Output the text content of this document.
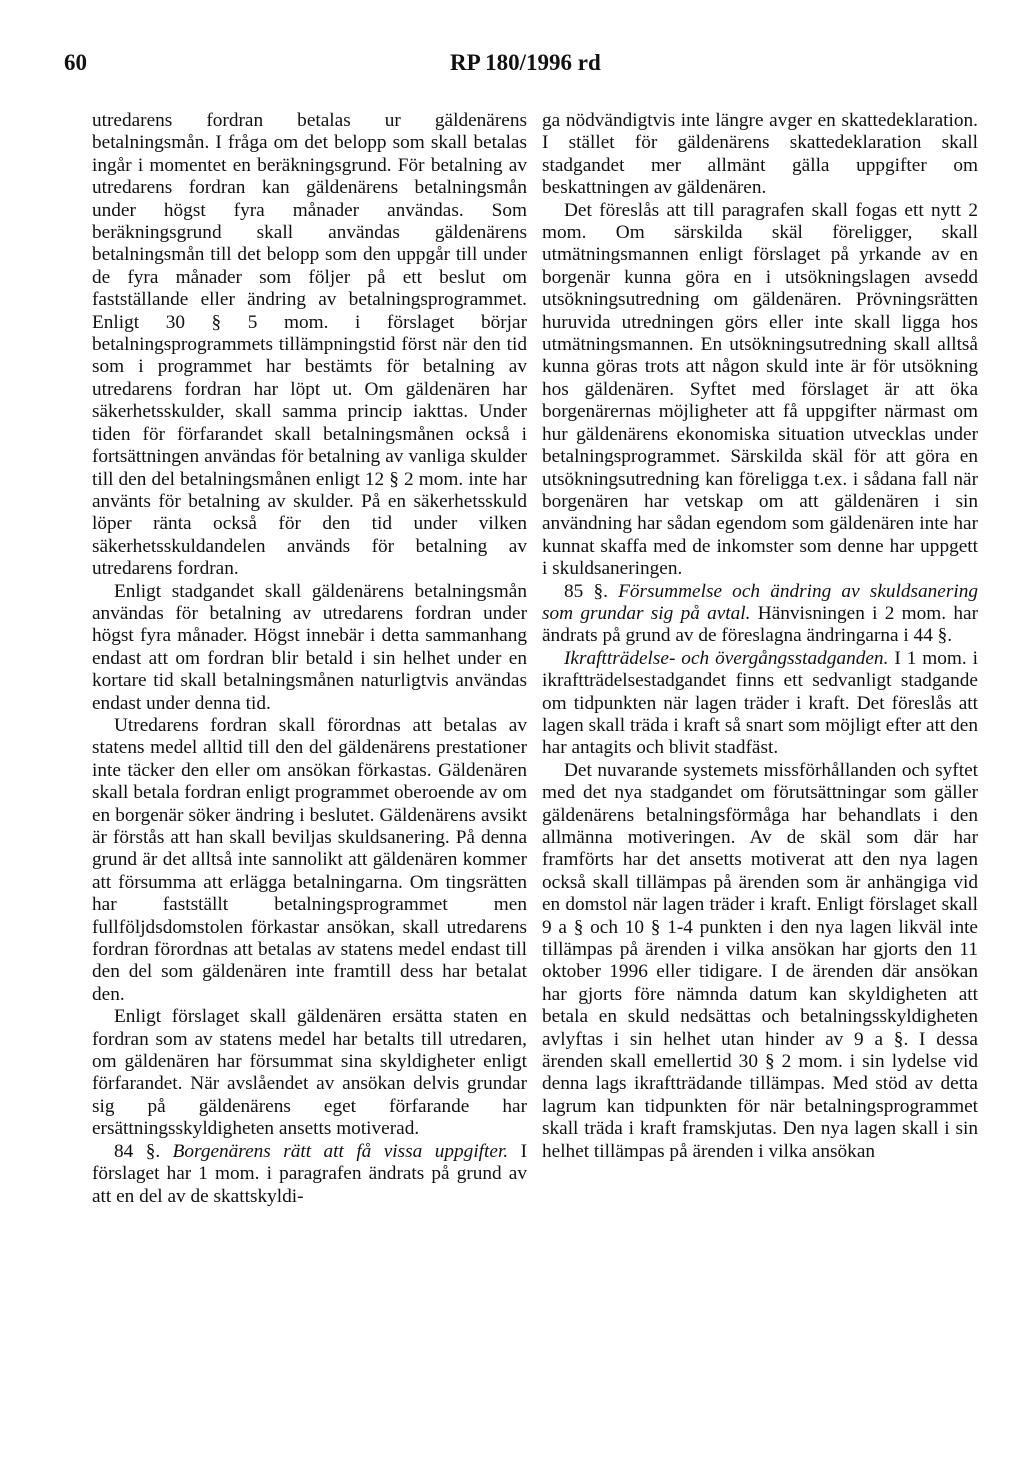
60	RP 180/1996 rd

utredarens fordran betalas ur gäldenärens betalningsmån. I fråga om det belopp som skall betalas ingår i momentet en beräkningsgrund. För betalning av utredarens fordran kan gäldenärens betalningsmån under högst fyra månader användas. Som beräkningsgrund skall användas gäldenärens betalningsmån till det belopp som den uppgår till under de fyra månader som följer på ett beslut om fastställande eller ändring av betalningsprogrammet. Enligt 30 § 5 mom. i förslaget börjar betalningsprogrammets tillämpningstid först när den tid som i programmet har bestämts för betalning av utredarens fordran har löpt ut. Om gäldenären har säkerhetsskulder, skall samma princip iakttas. Under tiden för förfarandet skall betalningsmånen också i fortsättningen användas för betalning av vanliga skulder till den del betalningsmånen enligt 12 § 2 mom. inte har använts för betalning av skulder. På en säkerhetsskuld löper ränta också för den tid under vilken säkerhetsskuldandelen används för betalning av utredarens fordran.

Enligt stadgandet skall gäldenärens betalningsmån användas för betalning av utredarens fordran under högst fyra månader. Högst innebär i detta sammanhang endast att om fordran blir betald i sin helhet under en kortare tid skall betalningsmånen naturligtvis användas endast under denna tid.

Utredarens fordran skall förordnas att betalas av statens medel alltid till den del gäldenärens prestationer inte täcker den eller om ansökan förkastas. Gäldenären skall betala fordran enligt programmet oberoende av om en borgenär söker ändring i beslutet. Gäldenärens avsikt är förstås att han skall beviljas skuldsanering. På denna grund är det alltså inte sannolikt att gäldenären kommer att försumma att erlägga betalningarna. Om tingsrätten har fastställt betalningsprogrammet men fullföljdsdomstolen förkastar ansökan, skall utredarens fordran förordnas att betalas av statens medel endast till den del som gäldenären inte framtill dess har betalat den.

Enligt förslaget skall gäldenären ersätta staten en fordran som av statens medel har betalts till utredaren, om gäldenären har försummat sina skyldigheter enligt förfarandet. När avslåendet av ansökan delvis grundar sig på gäldenärens eget förfarande har ersättningsskyldigheten ansetts motiverad.

84 §. Borgenärens rätt att få vissa uppgifter. I förslaget har 1 mom. i paragrafen ändrats på grund av att en del av de skattskyldi-

ga nödvändigtvis inte längre avger en skattedeklaration. I stället för gäldenärens skattedeklaration skall stadgandet mer allmänt gälla uppgifter om beskattningen av gäldenären.

Det föreslås att till paragrafen skall fogas ett nytt 2 mom. Om särskilda skäl föreligger, skall utmätningsmannen enligt förslaget på yrkande av en borgenär kunna göra en i utsökningslagen avsedd utsökningsutredning om gäldenären. Prövningsrätten huruvida utredningen görs eller inte skall ligga hos utmätningsmannen. En utsökningsutredning skall alltså kunna göras trots att någon skuld inte är för utsökning hos gäldenären. Syftet med förslaget är att öka borgenärernas möjligheter att få uppgifter närmast om hur gäldenärens ekonomiska situation utvecklas under betalningsprogrammet. Särskilda skäl för att göra en utsökningsutredning kan föreligga t.ex. i sådana fall när borgenären har vetskap om att gäldenären i sin användning har sådan egendom som gäldenären inte har kunnat skaffa med de inkomster som denne har uppgett i skuldsaneringen.

85 §. Försummelse och ändring av skuldsanering som grundar sig på avtal. Hänvisningen i 2 mom. har ändrats på grund av de föreslagna ändringarna i 44 §.

Ikraftträdelse- och övergångsstadganden. I 1 mom. i ikraftträdelsestadgandet finns ett sedvanligt stadgande om tidpunkten när lagen träder i kraft. Det föreslås att lagen skall träda i kraft så snart som möjligt efter att den har antagits och blivit stadfäst.

Det nuvarande systemets missförhållanden och syftet med det nya stadgandet om förutsättningar som gäller gäldenärens betalningsförmåga har behandlats i den allmänna motiveringen. Av de skäl som där har framförts har det ansetts motiverat att den nya lagen också skall tillämpas på ärenden som är anhängiga vid en domstol när lagen träder i kraft. Enligt förslaget skall 9 a § och 10 § 1-4 punkten i den nya lagen likväl inte tillämpas på ärenden i vilka ansökan har gjorts den 11 oktober 1996 eller tidigare. I de ärenden där ansökan har gjorts före nämnda datum kan skyldigheten att betala en skuld nedsättas och betalningsskyldigheten avlyftas i sin helhet utan hinder av 9 a §. I dessa ärenden skall emellertid 30 § 2 mom. i sin lydelse vid denna lags ikraftträdande tillämpas. Med stöd av detta lagrum kan tidpunkten för när betalningsprogrammet skall träda i kraft framskjutas. Den nya lagen skall i sin helhet tillämpas på ärenden i vilka ansökan
